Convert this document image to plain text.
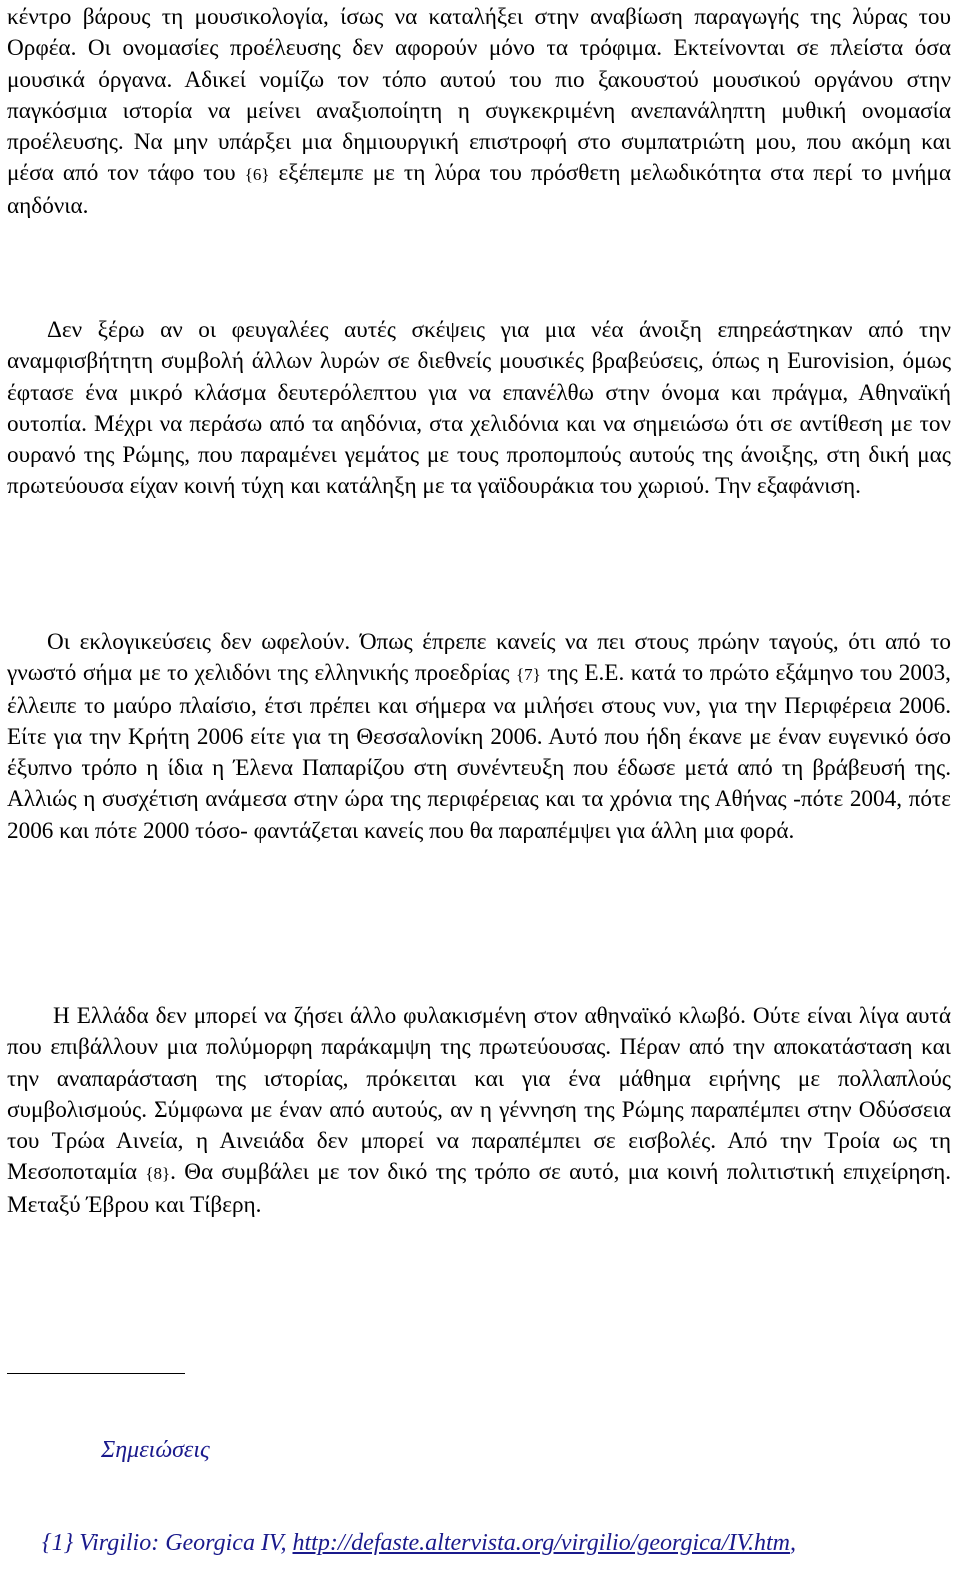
κέντρο βάρους τη μουσικολογία, ίσως να καταλήξει στην αναβίωση παραγωγής της λύρας του Ορφέα. Οι ονομασίες προέλευσης δεν αφορούν μόνο τα τρόφιμα. Εκτείνονται σε πλείστα όσα μουσικά όργανα. Αδικεί νομίζω τον τόπο αυτού του πιο ξακουστού μουσικού οργάνου στην παγκόσμια ιστορία να μείνει αναξιοποίητη η συγκεκριμένη ανεπανάληπτη μυθική ονομασία προέλευσης. Να μην υπάρξει μια δημιουργική επιστροφή στο συμπατριώτη μου, που ακόμη και μέσα από τον τάφο του {6} εξέπεμπε με τη λύρα του πρόσθετη μελωδικότητα στα περί το μνήμα αηδόνια.

Δεν ξέρω αν οι φευγαλέες αυτές σκέψεις για μια νέα άνοιξη επηρεάστηκαν από την αναμφισβήτητη συμβολή άλλων λυρών σε διεθνείς μουσικές βραβεύσεις, όπως η Eurovision, όμως έφτασε ένα μικρό κλάσμα δευτερόλεπτου για να επανέλθω στην όνομα και πράγμα, Αθηναϊκή ουτοπία. Μέχρι να περάσω από τα αηδόνια, στα χελιδόνια και να σημειώσω ότι σε αντίθεση με τον ουρανό της Ρώμης, που παραμένει γεμάτος με τους προπομπούς αυτούς της άνοιξης, στη δική μας πρωτεύουσα είχαν κοινή τύχη και κατάληξη με τα γαϊδουράκια του χωριού. Την εξαφάνιση.

Οι εκλογικεύσεις δεν ωφελούν. Όπως έπρεπε κανείς να πει στους πρώην ταγούς, ότι από το γνωστό σήμα με το χελιδόνι της ελληνικής προεδρίας {7} της Ε.Ε. κατά το πρώτο εξάμηνο του 2003, έλλειπε το μαύρο πλαίσιο, έτσι πρέπει και σήμερα να μιλήσει στους νυν, για την Περιφέρεια 2006. Είτε για την Κρήτη 2006 είτε για τη Θεσσαλονίκη 2006. Αυτό που ήδη έκανε με έναν ευγενικό όσο έξυπνο τρόπο η ίδια η Έλενα Παπαρίζου στη συνέντευξη που έδωσε μετά από τη βράβευσή της. Αλλιώς η συσχέτιση ανάμεσα στην ώρα της περιφέρειας και τα χρόνια της Αθήνας -πότε 2004, πότε 2006 και πότε 2000 τόσο- φαντάζεται κανείς που θα παραπέμψει για άλλη μια φορά.

Η Ελλάδα δεν μπορεί να ζήσει άλλο φυλακισμένη στον αθηναϊκό κλωβό. Ούτε είναι λίγα αυτά που επιβάλλουν μια πολύμορφη παράκαμψη της πρωτεύουσας. Πέραν από την αποκατάσταση και την αναπαράσταση της ιστορίας, πρόκειται και για ένα μάθημα ειρήνης με πολλαπλούς συμβολισμούς. Σύμφωνα με έναν από αυτούς, αν η γέννηση της Ρώμης παραπέμπει στην Οδύσσεια του Τρώα Αινεία, η Αινειάδα δεν μπορεί να παραπέμπει σε εισβολές. Από την Τροία ως τη Μεσοποταμία {8}. Θα συμβάλει με τον δικό της τρόπο σε αυτό, μια κοινή πολιτιστική επιχείρηση. Μεταξύ Έβρου και Τίβερη.

Σημειώσεις
{1} Virgilio: Georgica IV, http://defaste.altervista.org/virgilio/georgica/IV.htm,
